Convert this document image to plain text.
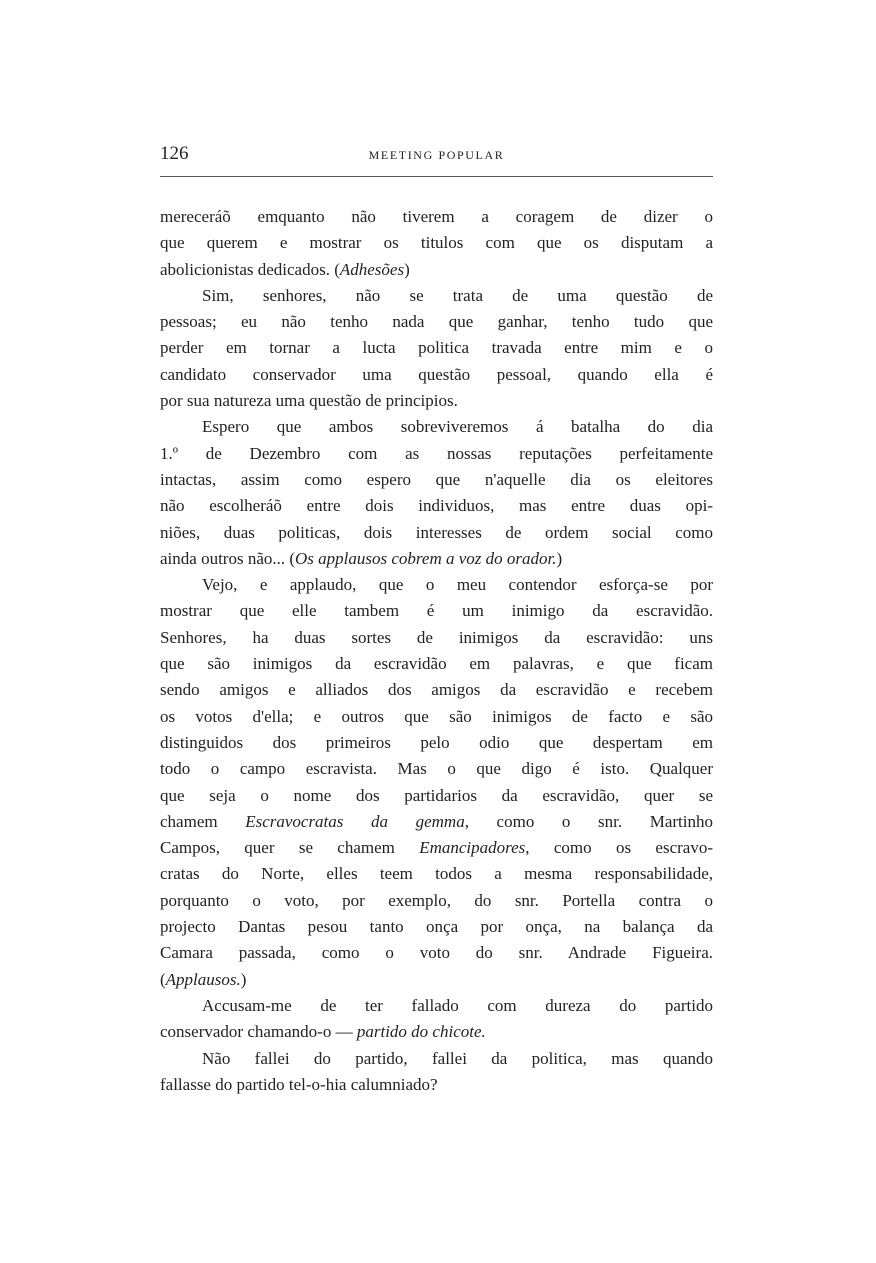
126	MEETING POPULAR
mereceráõ emquanto não tiverem a coragem de dizer o
que querem e mostrar os titulos com que os disputam a
abolicionistas dedicados. (Adhesões)
Sim, senhores, não se trata de uma questão de
pessoas; eu não tenho nada que ganhar, tenho tudo que
perder em tornar a lucta politica travada entre mim e o
candidato conservador uma questão pessoal, quando ella é
por sua natureza uma questão de principios.
Espero que ambos sobreviveremos á batalha do dia
1.º de Dezembro com as nossas reputações perfeitamente
intactas, assim como espero que n'aquelle dia os eleitores
não escolheráõ entre dois individuos, mas entre duas opi-
niões, duas politicas, dois interesses de ordem social como
ainda outros não... (Os applausos cobrem a voz do orador.)
Vejo, e applaudo, que o meu contendor esforça-se por
mostrar que elle tambem é um inimigo da escravidão.
Senhores, ha duas sortes de inimigos da escravidão: uns
que são inimigos da escravidão em palavras, e que ficam
sendo amigos e alliados dos amigos da escravidão e recebem
os votos d'ella; e outros que são inimigos de facto e são
distinguidos dos primeiros pelo odio que despertam em
todo o campo escravista. Mas o que digo é isto. Qualquer
que seja o nome dos partidarios da escravidão, quer se
chamem Escravocratas da gemma, como o snr. Martinho
Campos, quer se chamem Emancipadores, como os escravo-
cratas do Norte, elles teem todos a mesma responsabilidade,
porquanto o voto, por exemplo, do snr. Portella contra o
projecto Dantas pesou tanto onça por onça, na balança da
Camara passada, como o voto do snr. Andrade Figueira.
(Applausos.)
Accusam-me de ter fallado com dureza do partido
conservador chamando-o — partido do chicote.
Não fallei do partido, fallei da politica, mas quando
fallasse do partido tel-o-hia calumniado?
